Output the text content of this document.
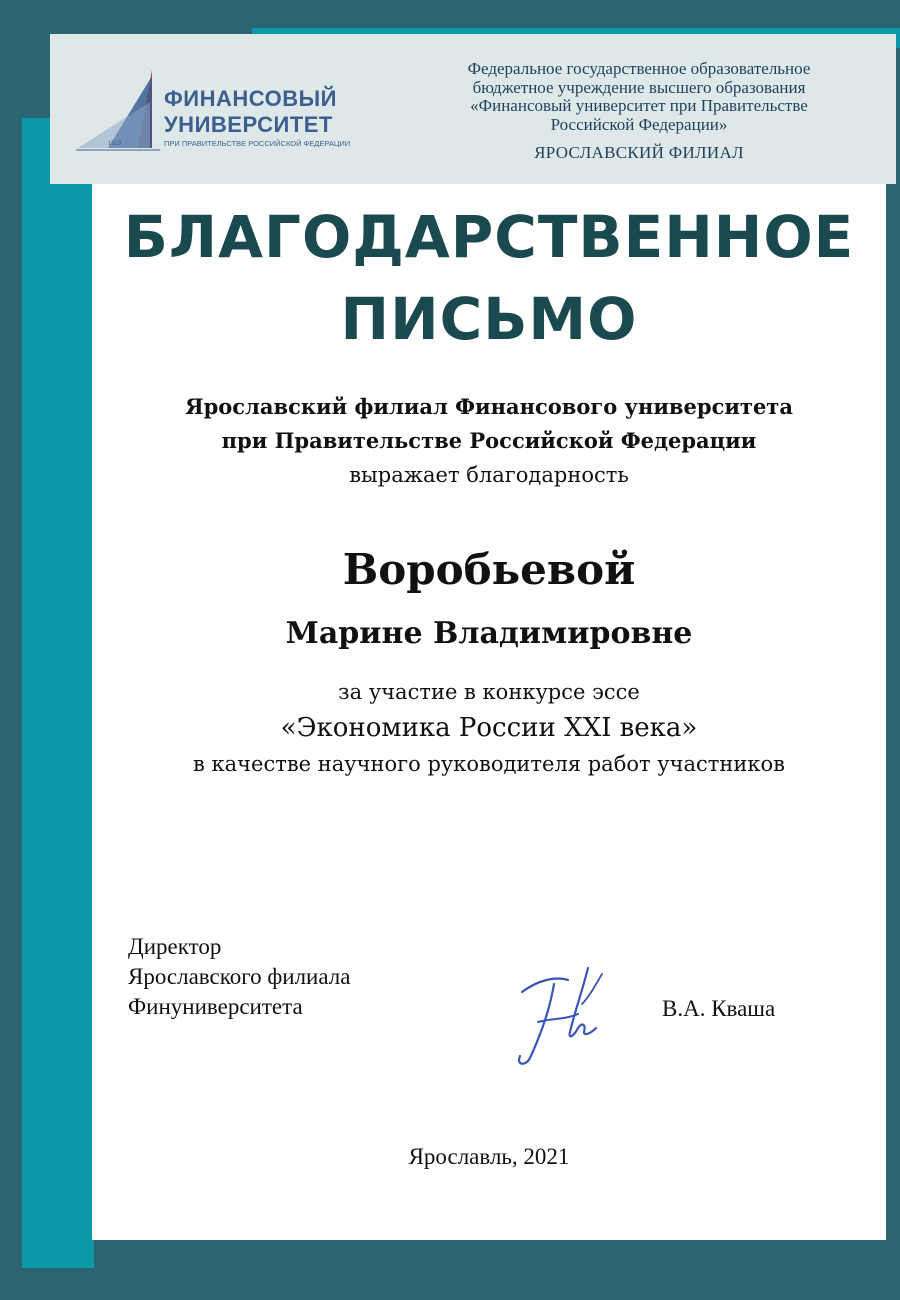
1919
ФИНАНСОВЫЙ
УНИВЕРСИТЕТ
ПРИ ПРАВИТЕЛЬСТВЕ РОССИЙСКОЙ ФЕДЕРАЦИИ
Федеральное государственное образовательное
бюджетное учреждение высшего образования
«Финансовый университет при Правительстве
Российской Федерации»
ЯРОСЛАВСКИЙ ФИЛИАЛ
БЛАГОДАРСТВЕННОЕ
ПИСЬМО
Ярославский филиал Финансового университета
при Правительстве Российской Федерации
выражает благодарность
Воробьевой
Марине Владимировне
за участие в конкурсе эссе
«Экономика России XXI века»
в качестве научного руководителя работ участников
Директор
Ярославского филиала
Финуниверситета	В.А. Кваша
Ярославль, 2021
